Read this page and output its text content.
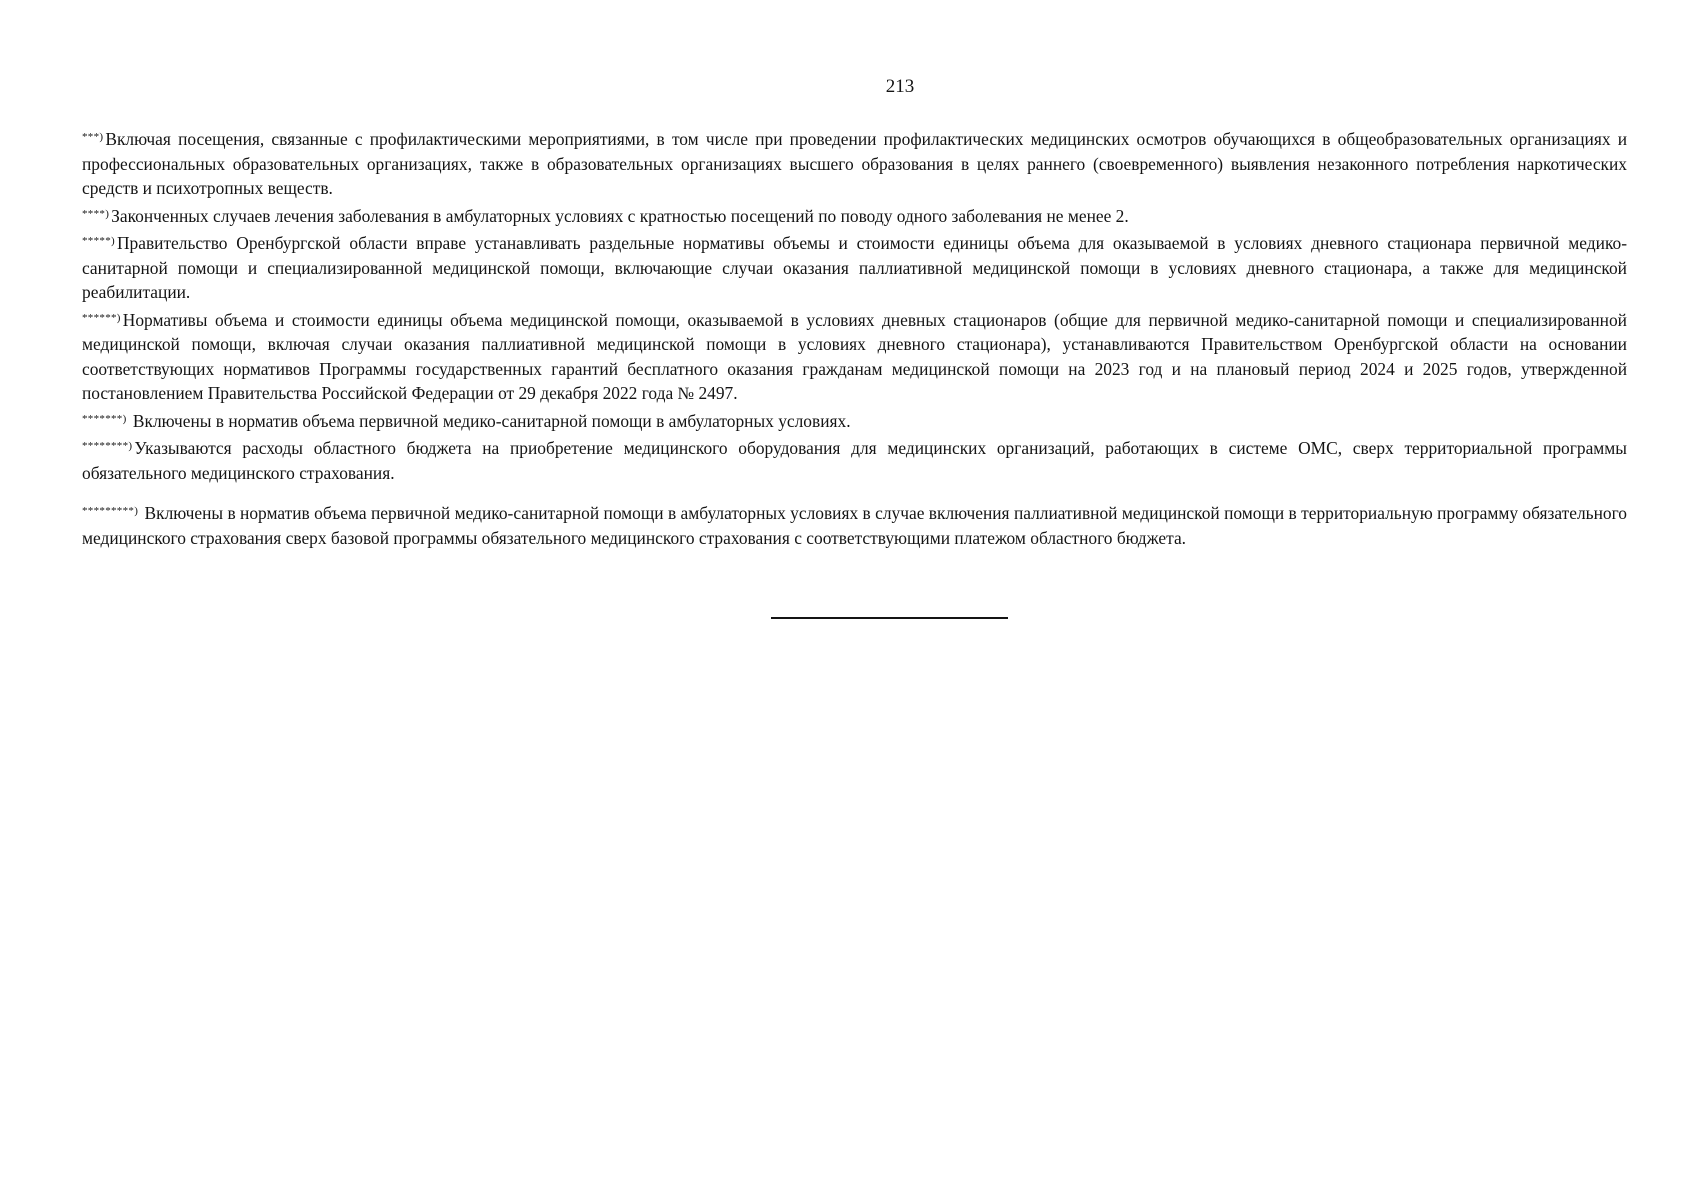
213

***) Включая посещения, связанные с профилактическими мероприятиями, в том числе при проведении профилактических медицинских осмотров обучающихся в общеобразовательных организациях и профессиональных образовательных организациях, также в образовательных организациях высшего образования в целях раннего (своевременного) выявления незаконного потребления наркотических средств и психотропных веществ.

****) Законченных случаев лечения заболевания в амбулаторных условиях с кратностью посещений по поводу одного заболевания не менее 2.

*****) Правительство Оренбургской области вправе устанавливать раздельные нормативы объемы и стоимости единицы объема для оказываемой в условиях дневного стационара первичной медико-санитарной помощи и специализированной медицинской помощи, включающие случаи оказания паллиативной медицинской помощи в условиях дневного стационара, а также для медицинской реабилитации.

******) Нормативы объема и стоимости единицы объема медицинской помощи, оказываемой в условиях дневных стационаров (общие для первичной медико-санитарной помощи и специализированной медицинской помощи, включая случаи оказания паллиативной медицинской помощи в условиях дневного стационара), устанавливаются Правительством Оренбургской области на основании соответствующих нормативов Программы государственных гарантий бесплатного оказания гражданам медицинской помощи на 2023 год и на плановый период 2024 и 2025 годов, утвержденной постановлением Правительства Российской Федерации от 29 декабря 2022 года № 2497.

*******) Включены в норматив объема первичной медико-санитарной помощи в амбулаторных условиях.

********) Указываются расходы областного бюджета на приобретение медицинского оборудования для медицинских организаций, работающих в системе ОМС, сверх территориальной программы обязательного медицинского страхования.

*********) Включены в норматив объема первичной медико-санитарной помощи в амбулаторных условиях в случае включения паллиативной медицинской помощи в территориальную программу обязательного медицинского страхования сверх базовой программы обязательного медицинского страхования с соответствующими платежом областного бюджета.
